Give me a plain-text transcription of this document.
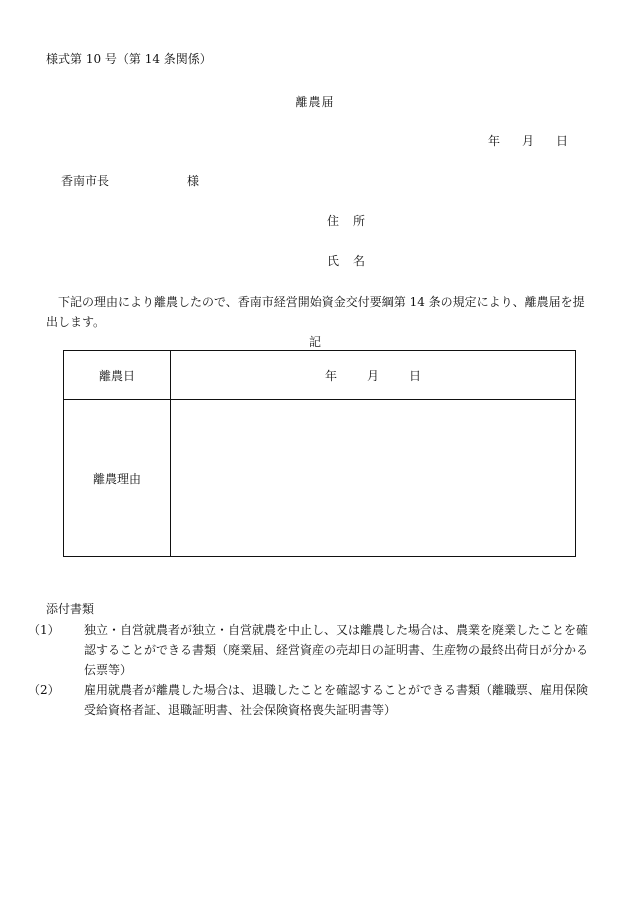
様式第 10 号（第 14 条関係）
離農届
年 月 日
香南市長	様
住 所
氏 名
下記の理由により離農したので、香南市経営開始資金交付要綱第 14 条の規定により、離農届を提出します。
記
離農日	年 月 日
離農理由	
添付書類
（1） 独立・自営就農者が独立・自営就農を中止し、又は離農した場合は、農業を廃業したことを確認することができる書類（廃業届、経営資産の売却日の証明書、生産物の最終出荷日が分かる伝票等）
（2） 雇用就農者が離農した場合は、退職したことを確認することができる書類（離職票、雇用保険受給資格者証、退職証明書、社会保険資格喪失証明書等）
